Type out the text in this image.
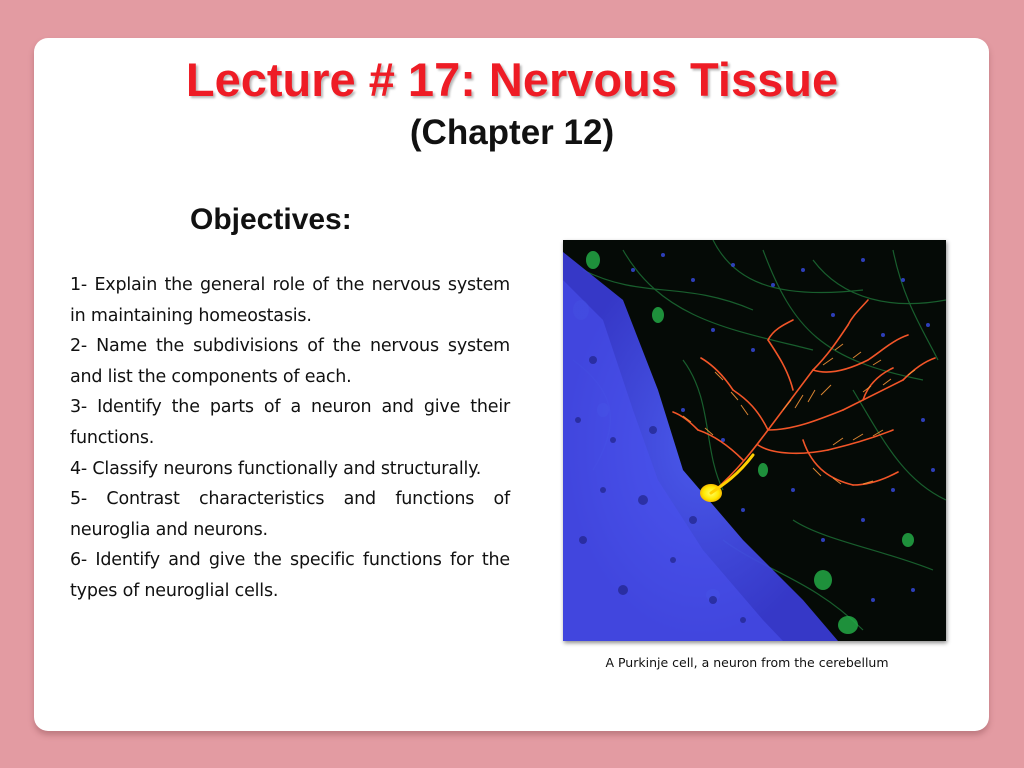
Lecture # 17: Nervous Tissue
(Chapter 12)
Objectives:
1- Explain the general role of the nervous system in maintaining homeostasis.
2- Name the subdivisions of the nervous system and list the components of each.
3- Identify the parts of a neuron and give their functions.
4- Classify neurons functionally and structurally.
5- Contrast characteristics and functions of neuroglia and neurons.
6- Identify and give the specific functions for the types of neuroglial cells.

A Purkinje cell, a neuron from the cerebellum
